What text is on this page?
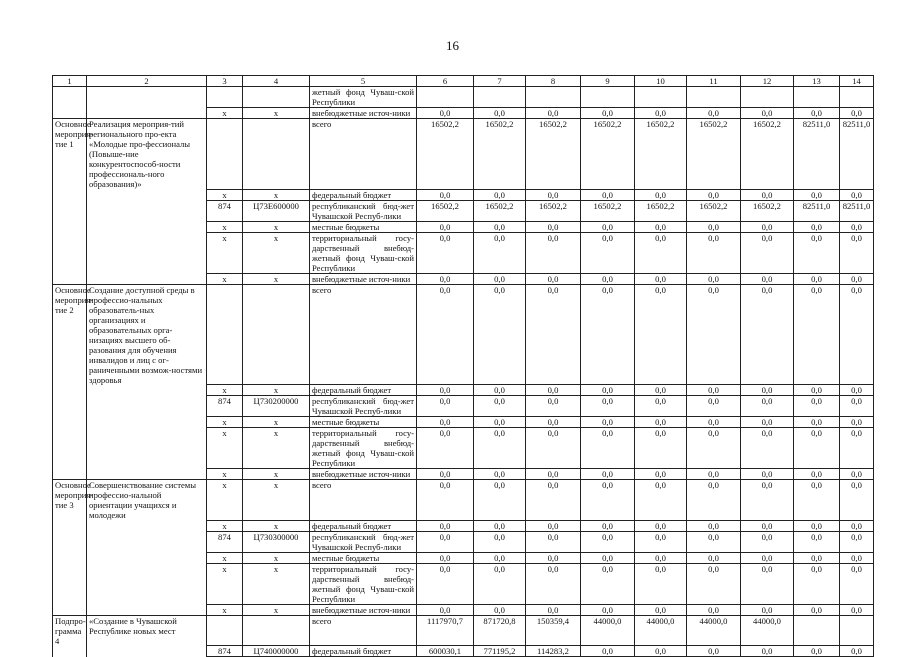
16
1	2	3	4	5	6	7	8	9	10	11	12	13	14
				жетный фонд Чуваш-ской Республики									
		x	x	внебюджетные источ-ники	0,0	0,0	0,0	0,0	0,0	0,0	0,0	0,0	0,0
Основное мероприя-тие 1	Реализация мероприя-тий регионального про-екта «Молодые про-фессионалы (Повыше-ние конкурентоспособ-ности профессиональ-ного образования)»			всего	16502,2	16502,2	16502,2	16502,2	16502,2	16502,2	16502,2	82511,0	82511,0
		x	x	федеральный бюджет	0,0	0,0	0,0	0,0	0,0	0,0	0,0	0,0	0,0
		874	Ц73Е600000	республиканский бюд-жет Чувашской Респуб-лики	16502,2	16502,2	16502,2	16502,2	16502,2	16502,2	16502,2	82511,0	82511,0
		x	x	местные бюджеты	0,0	0,0	0,0	0,0	0,0	0,0	0,0	0,0	0,0
		x	x	территориальный госу-дарственный внебюд-жетный фонд Чуваш-ской Республики	0,0	0,0	0,0	0,0	0,0	0,0	0,0	0,0	0,0
		x	x	внебюджетные источ-ники	0,0	0,0	0,0	0,0	0,0	0,0	0,0	0,0	0,0
Основное мероприя-тие 2	Создание доступной среды в профессио-нальных образователь-ных организациях и образовательных орга-низациях высшего об-разования для обучения инвалидов и лиц с ог-раниченными возмож-ностями здоровья			всего	0,0	0,0	0,0	0,0	0,0	0,0	0,0	0,0	0,0
		x	x	федеральный бюджет	0,0	0,0	0,0	0,0	0,0	0,0	0,0	0,0	0,0
		874	Ц730200000	республиканский бюд-жет Чувашской Респуб-лики	0,0	0,0	0,0	0,0	0,0	0,0	0,0	0,0	0,0
		x	x	местные бюджеты	0,0	0,0	0,0	0,0	0,0	0,0	0,0	0,0	0,0
		x	x	территориальный госу-дарственный внебюд-жетный фонд Чуваш-ской Республики	0,0	0,0	0,0	0,0	0,0	0,0	0,0	0,0	0,0
		x	x	внебюджетные источ-ники	0,0	0,0	0,0	0,0	0,0	0,0	0,0	0,0	0,0
Основное мероприя-тие 3	Совершенствование системы профессио-нальной ориентации учащихся и молодежи	x	x	всего	0,0	0,0	0,0	0,0	0,0	0,0	0,0	0,0	0,0
		x	x	федеральный бюджет	0,0	0,0	0,0	0,0	0,0	0,0	0,0	0,0	0,0
		874	Ц730300000	республиканский бюд-жет Чувашской Респуб-лики	0,0	0,0	0,0	0,0	0,0	0,0	0,0	0,0	0,0
		x	x	местные бюджеты	0,0	0,0	0,0	0,0	0,0	0,0	0,0	0,0	0,0
		x	x	территориальный госу-дарственный внебюд-жетный фонд Чуваш-ской Республики	0,0	0,0	0,0	0,0	0,0	0,0	0,0	0,0	0,0
		x	x	внебюджетные источ-ники	0,0	0,0	0,0	0,0	0,0	0,0	0,0	0,0	0,0
Подпро-грамма 4	«Создание в Чувашской Республике новых мест			всего	1117970,7	871720,8	150359,4	44000,0	44000,0	44000,0	44000,0		
		874	Ц740000000	федеральный бюджет	600030,1	771195,2	114283,2	0,0	0,0	0,0	0,0	0,0	0,0
